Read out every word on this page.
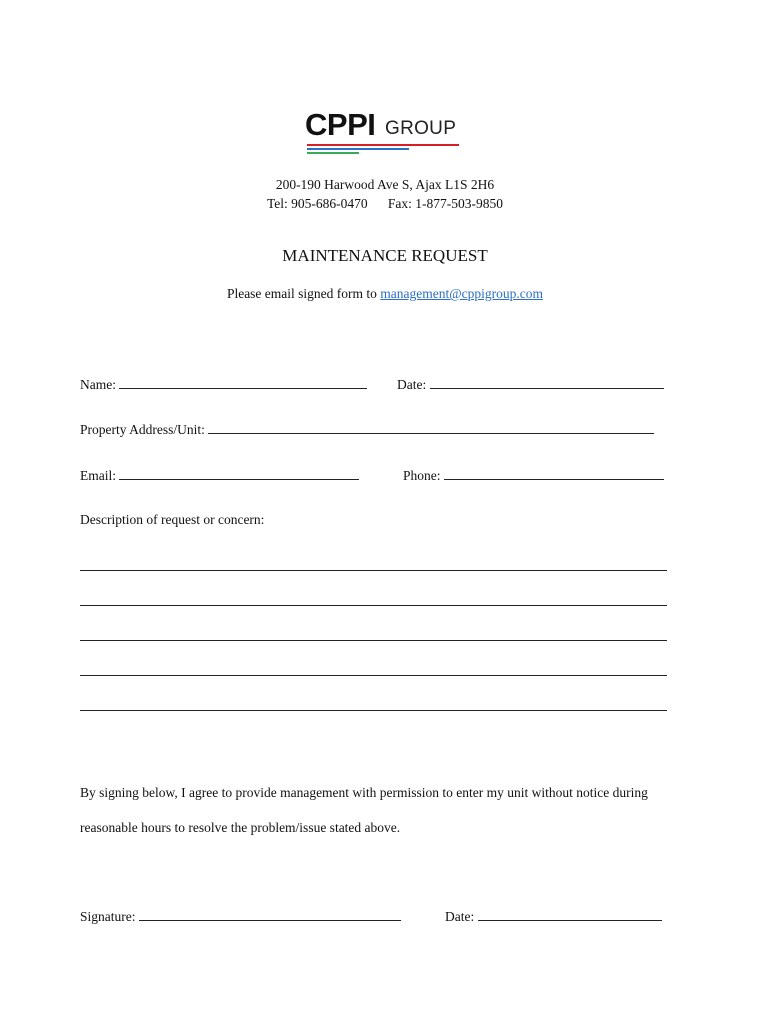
CPPI GROUP
200-190 Harwood Ave S, Ajax L1S 2H6
Tel: 905-686-0470 Fax: 1-877-503-9850
MAINTENANCE REQUEST
Please email signed form to management@cppigroup.com
Name:	Date:
Property Address/Unit:
Email:	Phone:
Description of request or concern:
By signing below, I agree to provide management with permission to enter my unit without notice during
reasonable hours to resolve the problem/issue stated above.
Signature:	Date:
